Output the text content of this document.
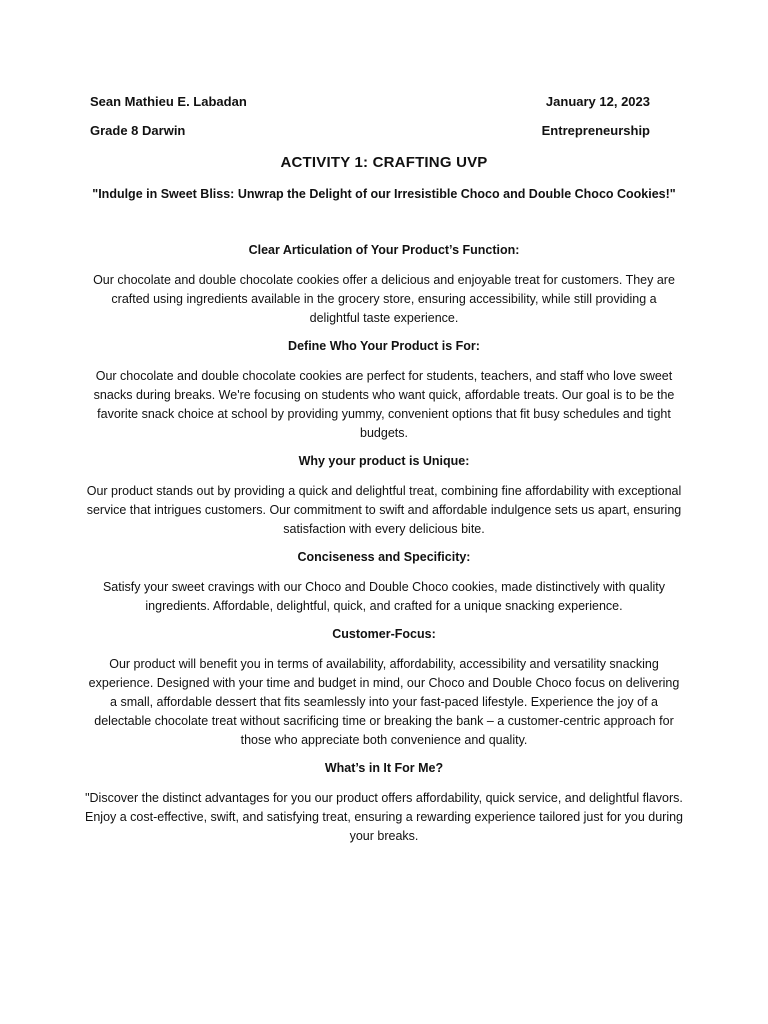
Sean Mathieu E. Labadan	January 12, 2023
Grade 8 Darwin	Entrepreneurship
ACTIVITY 1: CRAFTING UVP
"Indulge in Sweet Bliss: Unwrap the Delight of our Irresistible Choco and Double Choco Cookies!"

Clear Articulation of Your Product’s Function:

Our chocolate and double chocolate cookies offer a delicious and enjoyable treat for customers. They are crafted using ingredients available in the grocery store, ensuring accessibility, while still providing a delightful taste experience.

Define Who Your Product is For:

Our chocolate and double chocolate cookies are perfect for students, teachers, and staff who love sweet snacks during breaks. We're focusing on students who want quick, affordable treats. Our goal is to be the favorite snack choice at school by providing yummy, convenient options that fit busy schedules and tight budgets.

Why your product is Unique:

Our product stands out by providing a quick and delightful treat, combining fine affordability with exceptional service that intrigues customers. Our commitment to swift and affordable indulgence sets us apart, ensuring satisfaction with every delicious bite.

Conciseness and Specificity:

Satisfy your sweet cravings with our Choco and Double Choco cookies, made distinctively with quality ingredients. Affordable, delightful, quick, and crafted for a unique snacking experience.

Customer-Focus:

Our product will benefit you in terms of availability, affordability, accessibility and versatility snacking experience. Designed with your time and budget in mind, our Choco and Double Choco focus on delivering a small, affordable dessert that fits seamlessly into your fast-paced lifestyle. Experience the joy of a delectable chocolate treat without sacrificing time or breaking the bank – a customer-centric approach for those who appreciate both convenience and quality.

What’s in It For Me?

"Discover the distinct advantages for you our product offers affordability, quick service, and delightful flavors. Enjoy a cost-effective, swift, and satisfying treat, ensuring a rewarding experience tailored just for you during your breaks.
